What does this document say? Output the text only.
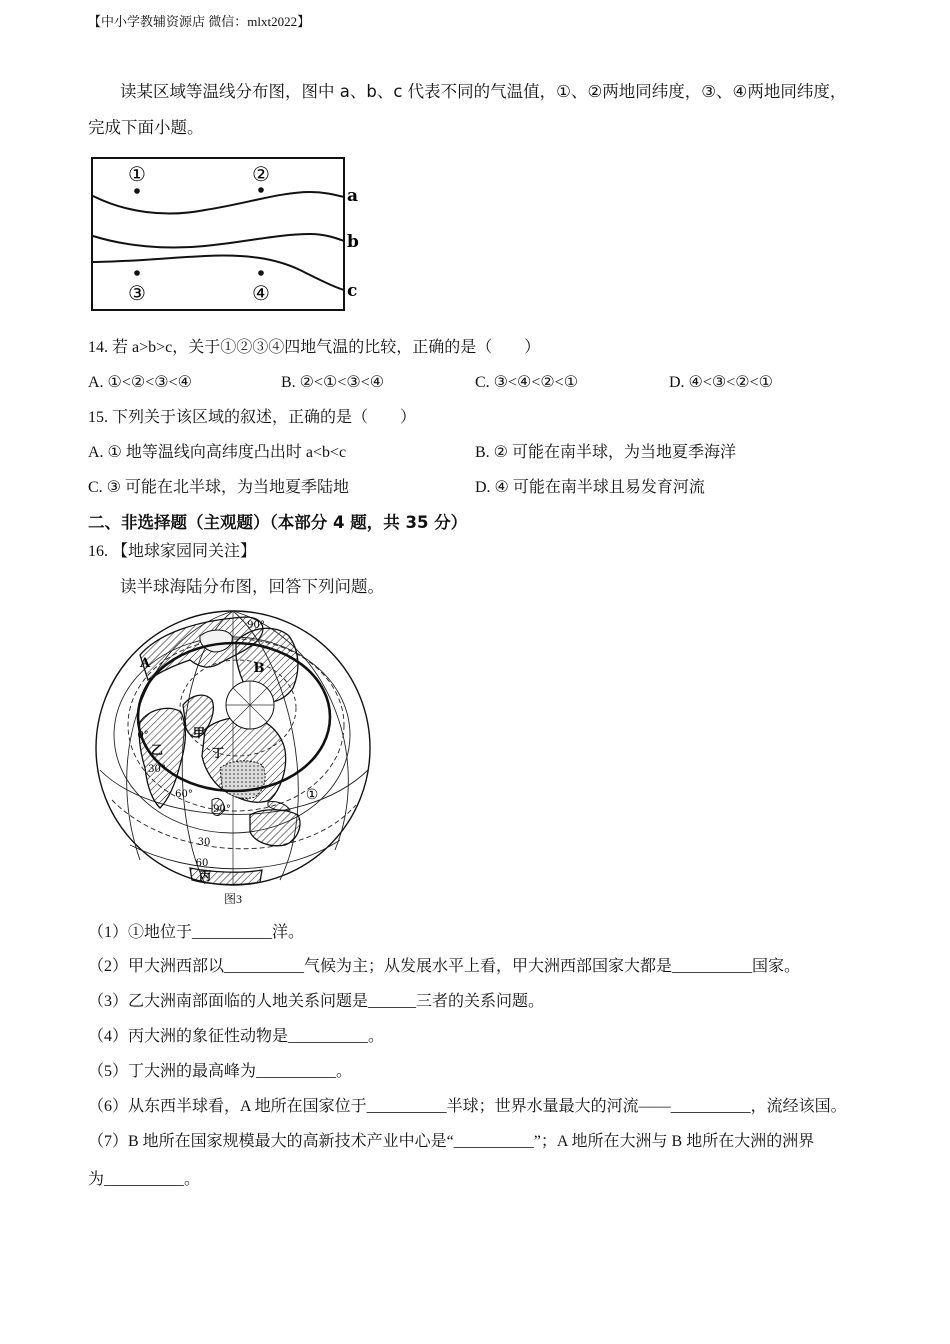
【中小学教辅资源店 微信：mlxt2022】
读某区域等温线分布图，图中 a、b、c 代表不同的气温值，①、②两地同纬度，③、④两地同纬度，
完成下面小题。
①	②
③	④
a
b
c
14. 若 a>b>c，关于①②③④四地气温的比较，正确的是（　　）
A. ①<②<③<④	B. ②<①<③<④	C. ③<④<②<①	D. ④<③<②<①
15. 下列关于该区域的叙述，正确的是（　　）
A. ① 地等温线向高纬度凸出时 a<b<c	B. ② 可能在南半球，为当地夏季海洋
C. ③ 可能在北半球，为当地夏季陆地	D. ④ 可能在南半球且易发育河流
二、非选择题（主观题）（本部分 4 题，共 35 分）
16. 【地球家园同关注】
读半球海陆分布图，回答下列问题。
90°
0°
30°
60°
90°
30
60
丙
A	B
甲
乙	丁
①
图3
（1）①地位于__________洋。
（2）甲大洲西部以__________气候为主；从发展水平上看，甲大洲西部国家大都是__________国家。
（3）乙大洲南部面临的人地关系问题是______三者的关系问题。
（4）丙大洲的象征性动物是__________。
（5）丁大洲的最高峰为__________。
（6）从东西半球看，A 地所在国家位于__________半球；世界水量最大的河流——__________，流经该国。
（7）B 地所在国家规模最大的高新技术产业中心是“__________”；A 地所在大洲与 B 地所在大洲的洲界
为__________。
